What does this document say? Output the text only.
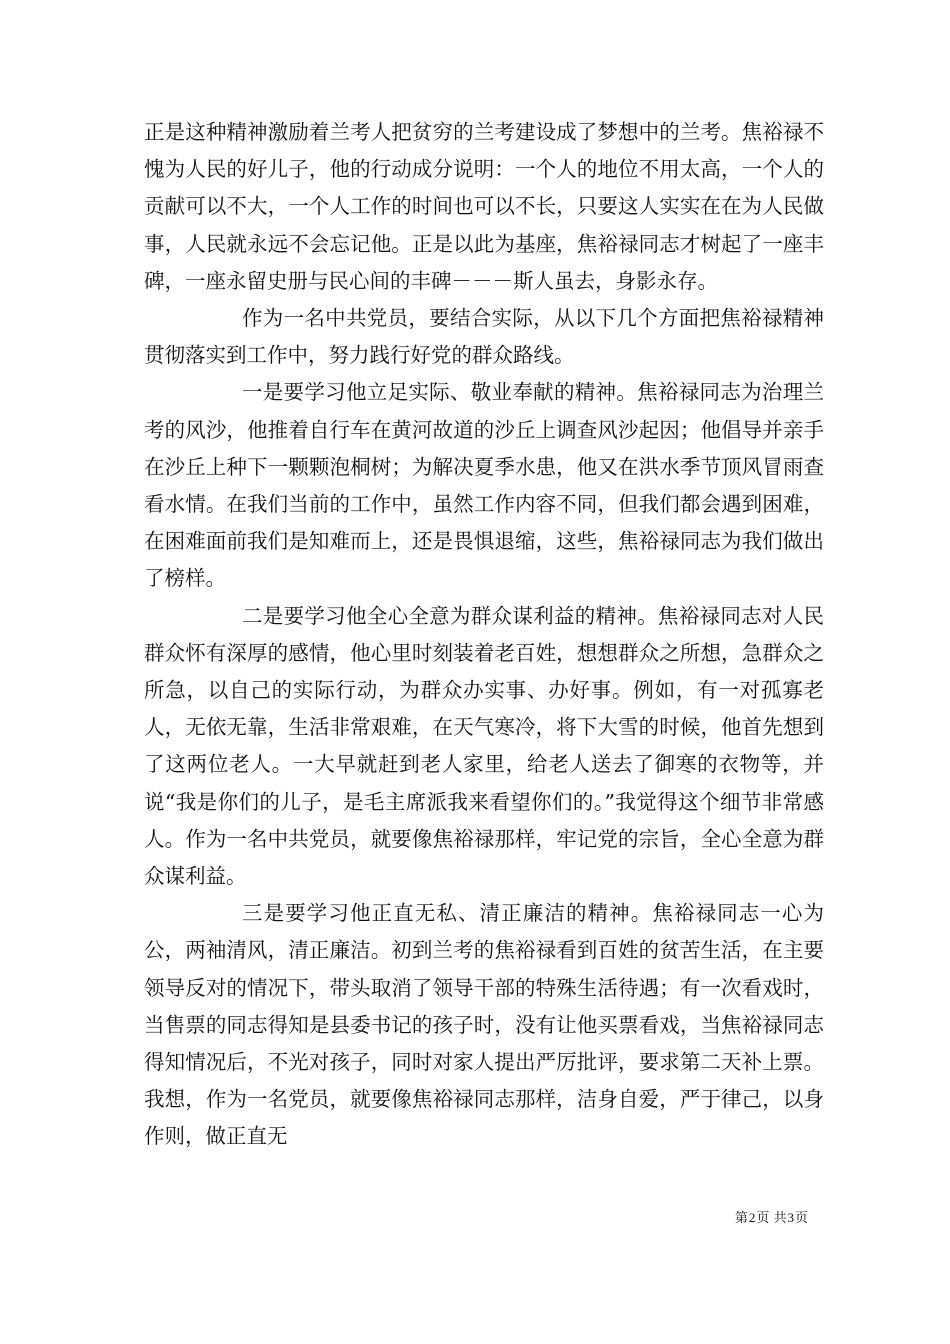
正是这种精神激励着兰考人把贫穷的兰考建设成了梦想中的兰考。焦裕禄不愧为人民的好儿子，他的行动成分说明：一个人的地位不用太高，一个人的贡献可以不大，一个人工作的时间也可以不长，只要这人实实在在为人民做事，人民就永远不会忘记他。正是以此为基座，焦裕禄同志才树起了一座丰碑，一座永留史册与民心间的丰碑－－－斯人虽去，身影永存。

作为一名中共党员，要结合实际，从以下几个方面把焦裕禄精神贯彻落实到工作中，努力践行好党的群众路线。

一是要学习他立足实际、敬业奉献的精神。焦裕禄同志为治理兰考的风沙，他推着自行车在黄河故道的沙丘上调查风沙起因；他倡导并亲手在沙丘上种下一颗颗泡桐树；为解决夏季水患，他又在洪水季节顶风冒雨查看水情。在我们当前的工作中，虽然工作内容不同，但我们都会遇到困难，在困难面前我们是知难而上，还是畏惧退缩，这些，焦裕禄同志为我们做出了榜样。

二是要学习他全心全意为群众谋利益的精神。焦裕禄同志对人民群众怀有深厚的感情，他心里时刻装着老百姓，想想群众之所想，急群众之所急，以自己的实际行动，为群众办实事、办好事。例如，有一对孤寡老人，无依无靠，生活非常艰难，在天气寒冷，将下大雪的时候，他首先想到了这两位老人。一大早就赶到老人家里，给老人送去了御寒的衣物等，并说“我是你们的儿子，是毛主席派我来看望你们的。”我觉得这个细节非常感人。作为一名中共党员，就要像焦裕禄那样，牢记党的宗旨，全心全意为群众谋利益。

三是要学习他正直无私、清正廉洁的精神。焦裕禄同志一心为公，两袖清风，清正廉洁。初到兰考的焦裕禄看到百姓的贫苦生活，在主要领导反对的情况下，带头取消了领导干部的特殊生活待遇；有一次看戏时，当售票的同志得知是县委书记的孩子时，没有让他买票看戏，当焦裕禄同志得知情况后，不光对孩子，同时对家人提出严厉批评，要求第二天补上票。我想，作为一名党员，就要像焦裕禄同志那样，洁身自爱，严于律己，以身作则，做正直无

第2页 共3页
